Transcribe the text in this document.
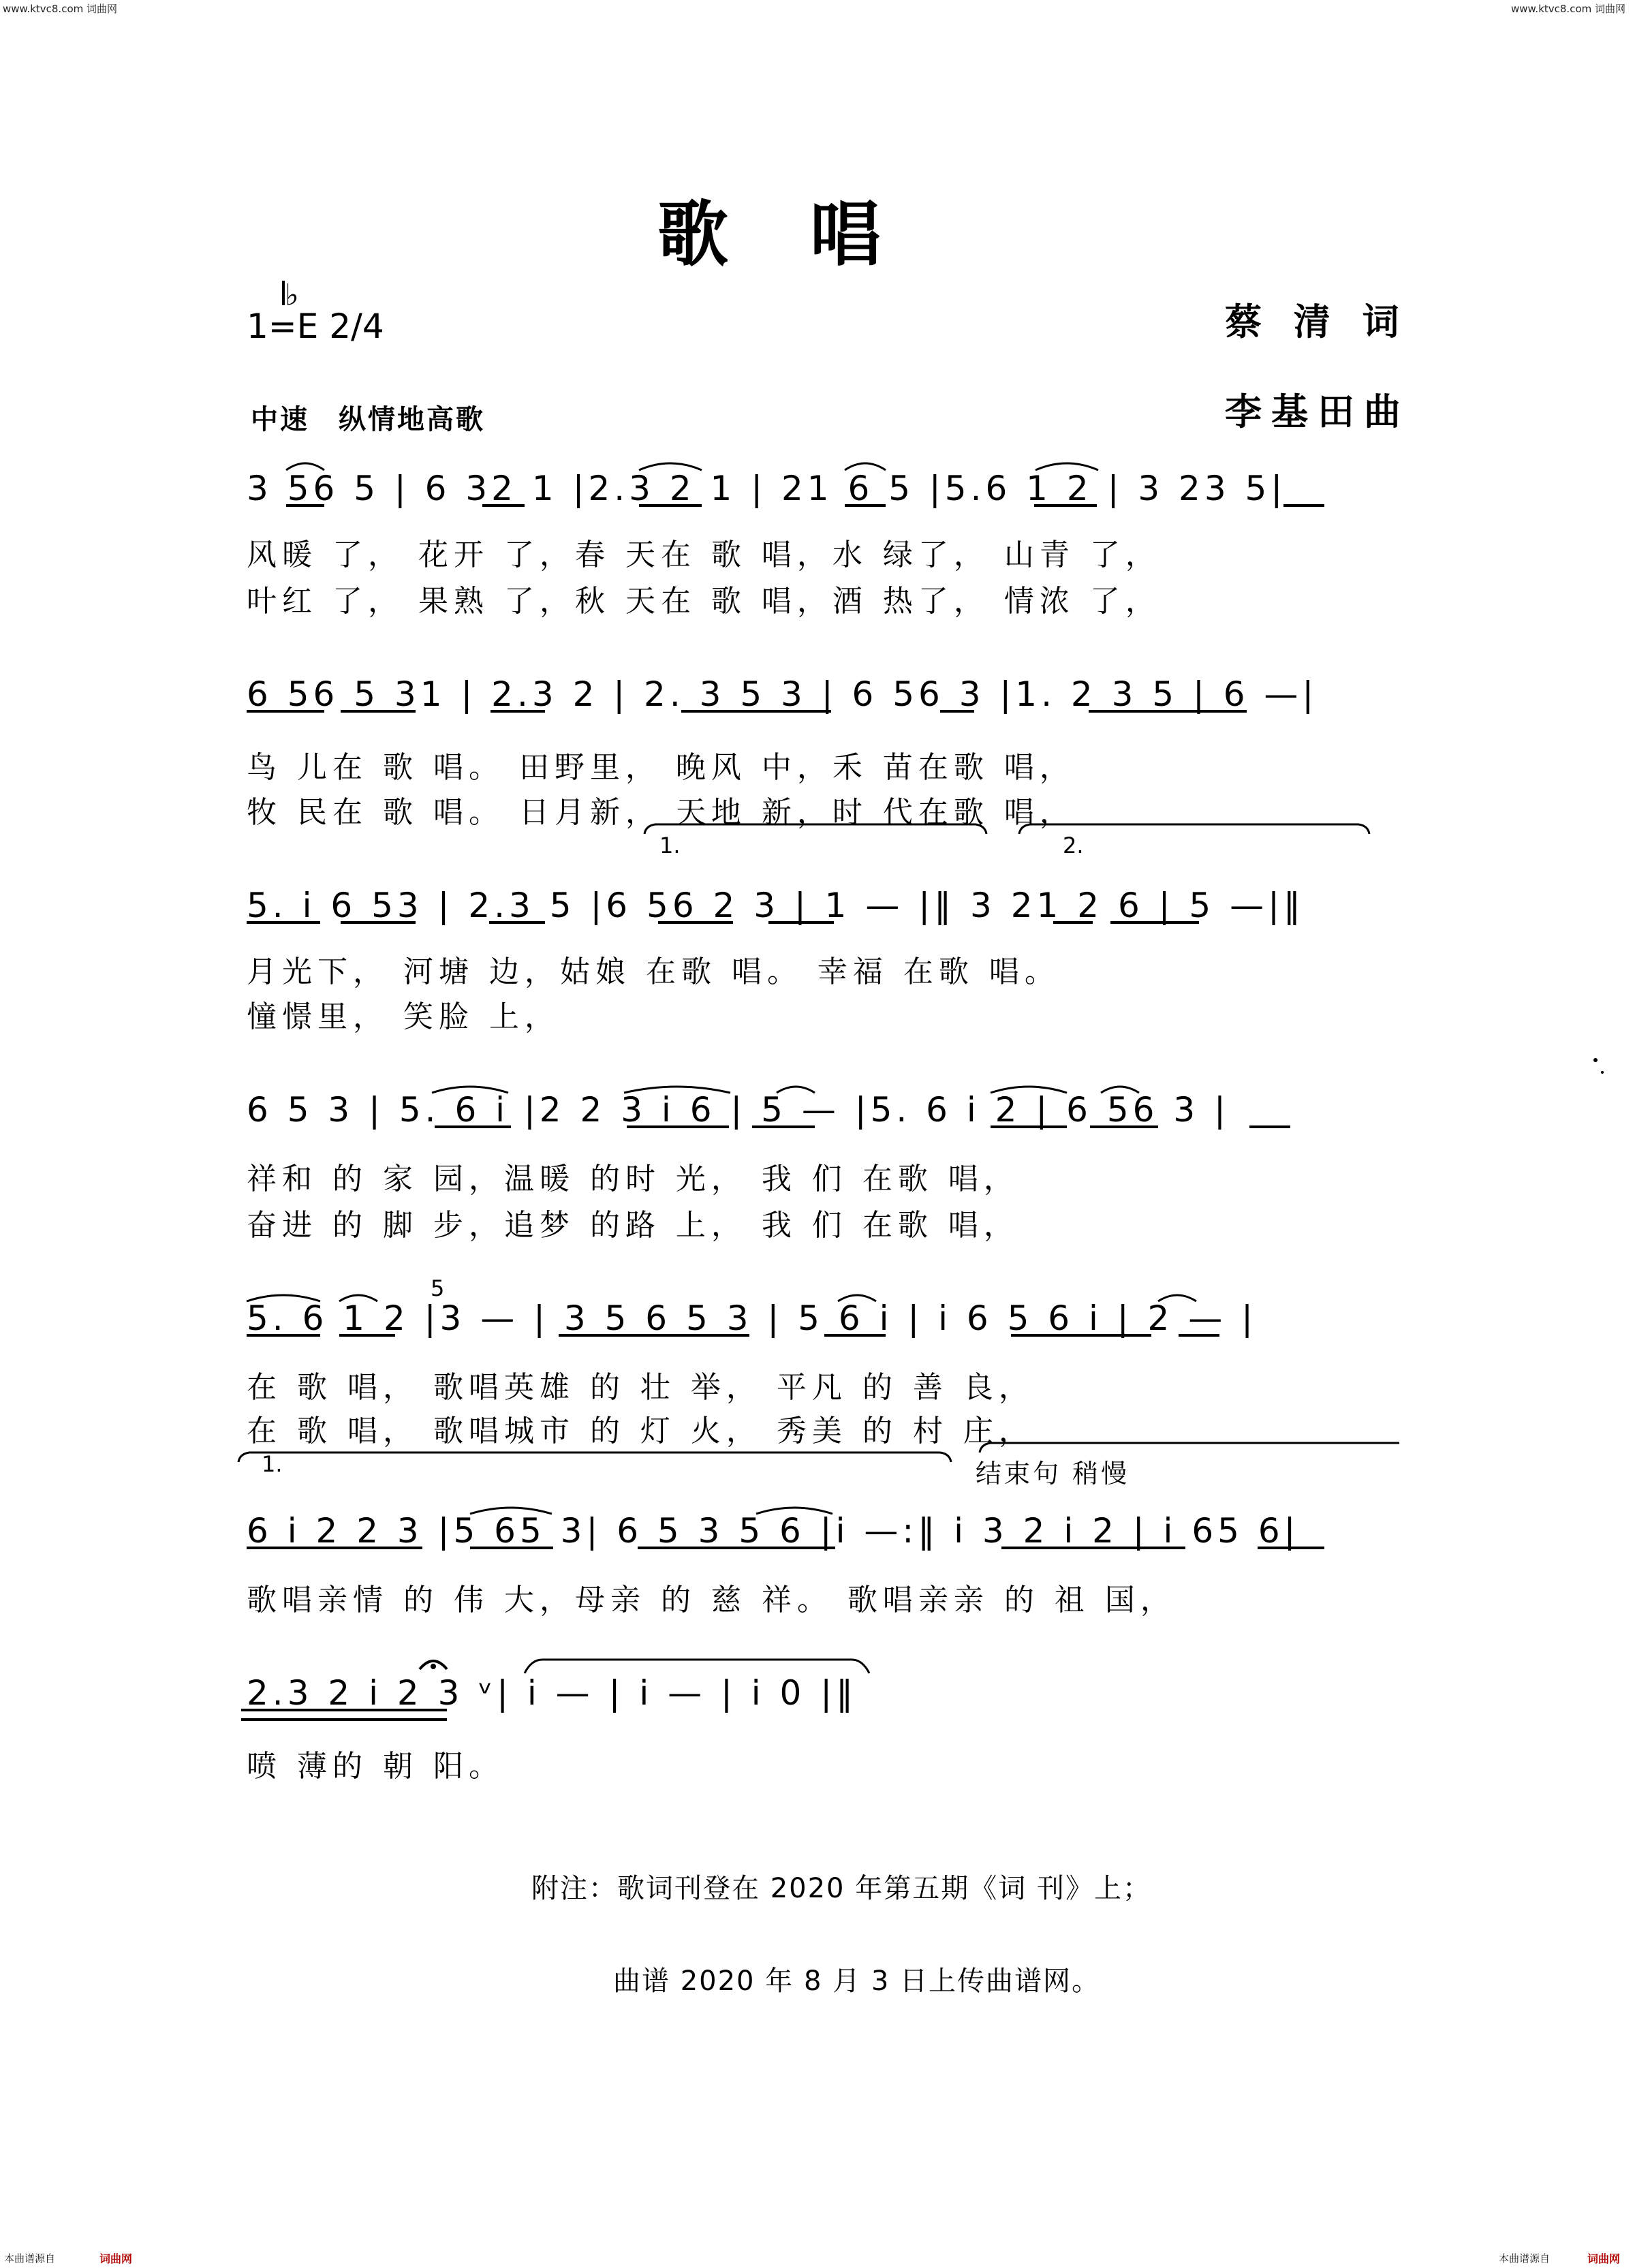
www.ktvc8.com 词曲网	www.ktvc8.com 词曲网
本曲谱源自	词曲网	本曲谱源自	词曲网
歌唱
♭
1=E 2/4	蔡 清 词
李基田曲
中速　纵情地高歌
3 56 5 | 6 32 1 |2.3 2 1 | 21 6 5 |5.6 1 2 | 3 23 5|
风暖 了， 花开 了，春 天在 歌 唱，水 绿了， 山青 了，
叶红 了， 果熟 了，秋 天在 歌 唱，酒 热了， 情浓 了，
6 56 5 31 | 2.3 2 | 2. 3 5 3 | 6 56 3 |1. 2 3 5 | 6 —|
鸟 儿在 歌 唱。 田野里， 晚风 中，禾 苗在歌 唱，
牧 民在 歌 唱。 日月新， 天地 新，时 代在歌 唱，
1.	2.
5. i 6 53 | 2.3 5 |6 56 2 3 | 1 — |‖ 3 21 2 6 | 5 —|‖
月光下， 河塘 边，姑娘 在歌 唱。 幸福 在歌 唱。
憧憬里， 笑脸 上，
6 5 3 | 5. 6 i |2 2 3 i 6 | 5 — |5. 6 i 2 | 6 56 3 |
祥和 的 家 园，温暖 的时 光， 我 们 在歌 唱，
奋进 的 脚 步，追梦 的路 上， 我 们 在歌 唱，
5
5. 6 1 2 |3 — | 3 5 6 5 3 | 5 6 i | i 6 5 6 i | 2 — |
在 歌 唱， 歌唱英雄 的 壮 举， 平凡 的 善 良，
在 歌 唱， 歌唱城市 的 灯 火， 秀美 的 村 庄，
1.	结束句 稍慢
6 i 2 2 3 |5 65 3| 6 5 3 5 6 |i —:‖ i 3 2 i 2 | i 65 6|
歌唱亲情 的 伟 大，母亲 的 慈 祥。 歌唱亲亲 的 祖 国，
2.3 2 i 2 3 ᵛ| i — | i — | i 0 |‖
喷 薄的 朝 阳。
附注：歌词刊登在 2020 年第五期《词 刊》上；
曲谱 2020 年 8 月 3 日上传曲谱网。
